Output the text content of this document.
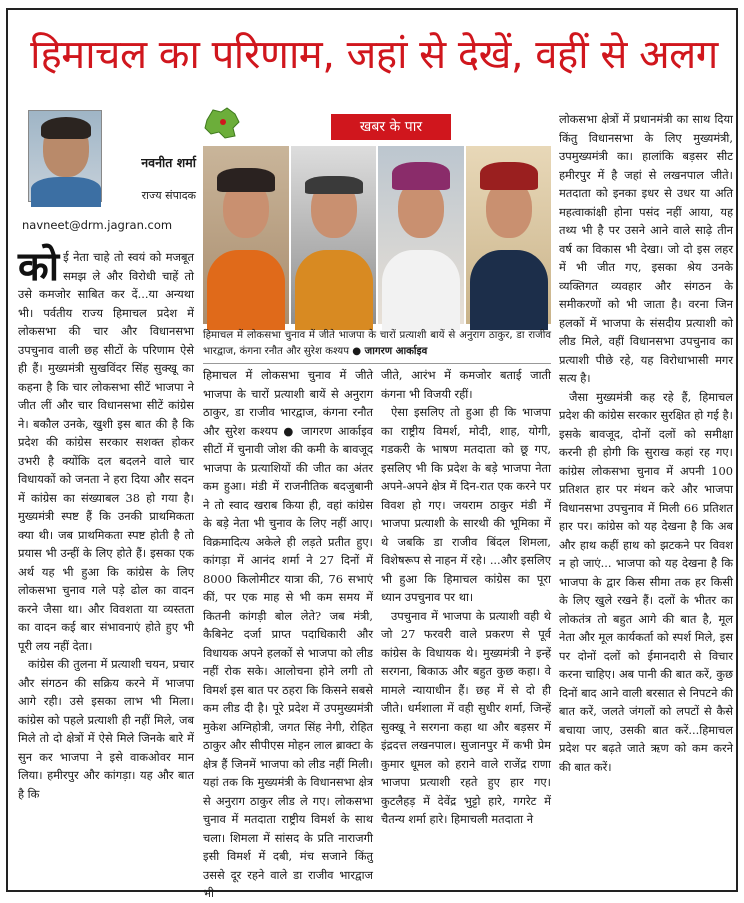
हिमाचल का परिणाम, जहां से देखें, वहीं से अलग
नवनीत शर्मा
राज्य संपादक
navneet@drm.jagran.com

कोई नेता चाहे तो स्वयं को मजबूत समझ ले और विरोधी चाहें तो उसे कमजोर साबित कर दें...या अन्यथा भी। पर्वतीय राज्य हिमाचल प्रदेश में लोकसभा की चार और विधानसभा उपचुनाव वाली छह सीटों के परिणाम ऐसे ही हैं। मुख्यमंत्री सुखविंदर सिंह सुक्खू का कहना है कि चार लोकसभा सीटें भाजपा ने जीत लीं और चार विधानसभा सीटें कांग्रेस ने। बकौल उनके, खुशी इस बात की है कि प्रदेश की कांग्रेस सरकार सशक्त होकर उभरी है क्योंकि दल बदलने वाले चार विधायकों को जनता ने हरा दिया और सदन में कांग्रेस का संख्याबल 38 हो गया है। मुख्यमंत्री स्पष्ट हैं कि उनकी प्राथमिकता क्या थी। जब प्राथमिकता स्पष्ट होती है तो प्रयास भी उन्हीं के लिए होते हैं। इसका एक अर्थ यह भी हुआ कि कांग्रेस के लिए लोकसभा चुनाव गले पड़े ढोल का वादन करने जैसा था। और विवशता या व्यस्तता का वादन कई बार संभावनाएं होते हुए भी पूरी लय नहीं देता।

कांग्रेस की तुलना में प्रत्याशी चयन, प्रचार और संगठन की सक्रिय करने में भाजपा आगे रही। उसे इसका लाभ भी मिला। कांग्रेस को पहले प्रत्याशी ही नहीं मिले, जब मिले तो दो क्षेत्रों में ऐसे मिले जिनके बारे में सुन कर भाजपा ने इसे वाकओवर मान लिया। हमीरपुर और कांगड़ा। यह और बात है कि

खबर के पार
हिमाचल में लोकसभा चुनाव में जीते भाजपा के चारों प्रत्याशी बायें से अनुराग ठाकुर, डा राजीव भारद्वाज, कंगना रनौत और सुरेश कश्यप ● जागरण आर्काइव

हिमाचल में लोकसभा चुनाव में जीते भाजपा के चारों प्रत्याशी बायें से अनुराग ठाकुर, डा राजीव भारद्वाज, कंगना रनौत और सुरेश कश्यप ● जागरण आर्काइव सीटों में चुनावी जोश की कमी के बावजूद भाजपा के प्रत्याशियों की जीत का अंतर कम हुआ। मंडी में राजनीतिक बदजुबानी ने तो स्वाद खराब किया ही, वहां कांग्रेस के बड़े नेता भी चुनाव के लिए नहीं आए। विक्रमादित्य अकेले ही लड़ते प्रतीत हुए। कांगड़ा में आनंद शर्मा ने 27 दिनों में 8000 किलोमीटर यात्रा की, 76 सभाएं कीं, पर एक माह से भी कम समय में कितनी कांगड़ी बोल लेते? जब मंत्री, कैबिनेट दर्जा प्राप्त पदाधिकारी और विधायक अपने हलकों से भाजपा को लीड नहीं रोक सके। आलोचना होने लगी तो विमर्श इस बात पर ठहरा कि किसने सबसे कम लीड दी है। पूरे प्रदेश में उपमुख्यमंत्री मुकेश अग्निहोत्री, जगत सिंह नेगी, रोहित ठाकुर और सीपीएस मोहन लाल ब्राक्टा के क्षेत्र हैं जिनमें भाजपा को लीड नहीं मिली। यहां तक कि मुख्यमंत्री के विधानसभा क्षेत्र से अनुराग ठाकुर लीड ले गए। लोकसभा चुनाव में मतदाता राष्ट्रीय विमर्श के साथ चला। शिमला में सांसद के प्रति नाराजगी इसी विमर्श में दबी, मंच सजाने किंतु उससे दूर रहने वाले डा राजीव भारद्वाज भी

जीते, आरंभ में कमजोर बताई जाती कंगना भी विजयी रहीं।

ऐसा इसलिए तो हुआ ही कि भाजपा का राष्ट्रीय विमर्श, मोदी, शाह, योगी, गडकरी के भाषण मतदाता को छू गए, इसलिए भी कि प्रदेश के बड़े भाजपा नेता अपने-अपने क्षेत्र में दिन-रात एक करने पर विवश हो गए। जयराम ठाकुर मंडी में भाजपा प्रत्याशी के सारथी की भूमिका में थे जबकि डा राजीव बिंदल शिमला, विशेषरूप से नाहन में रहे। ...और इसलिए भी हुआ कि हिमाचल कांग्रेस का पूरा ध्यान उपचुनाव पर था।

उपचुनाव में भाजपा के प्रत्याशी वही थे जो 27 फरवरी वाले प्रकरण से पूर्व कांग्रेस के विधायक थे। मुख्यमंत्री ने इन्हें सरगना, बिकाऊ और बहुत कुछ कहा। वे मामले न्यायाधीन हैं। छह में से दो ही जीते। धर्मशाला में वही सुधीर शर्मा, जिन्हें सुक्खू ने सरगना कहा था और बड़सर में इंद्रदत्त लखनपाल। सुजानपुर में कभी प्रेम कुमार धूमल को हराने वाले राजेंद्र राणा भाजपा प्रत्याशी रहते हुए हार गए। कुटलैहड़ में देवेंद्र भुट्टो हारे, गगरेट में चैतन्य शर्मा हारे। हिमाचली मतदाता ने

लोकसभा क्षेत्रों में प्रधानमंत्री का साथ दिया किंतु विधानसभा के लिए मुख्यमंत्री, उपमुख्यमंत्री का। हालांकि बड़सर सीट हमीरपुर में है जहां से लखनपाल जीते। मतदाता को इनका इधर से उधर या अति महत्वाकांक्षी होना पसंद नहीं आया, यह तथ्य भी है पर उसने आने वाले साढ़े तीन वर्ष का विकास भी देखा। जो दो इस लहर में भी जीत गए, इसका श्रेय उनके व्यक्तिगत व्यवहार और संगठन के समीकरणों को भी जाता है। वरना जिन हलकों में भाजपा के संसदीय प्रत्याशी को लीड मिले, वहीं विधानसभा उपचुनाव का प्रत्याशी पीछे रहे, यह विरोधाभासी मगर सत्य है।

जैसा मुख्यमंत्री कह रहे हैं, हिमाचल प्रदेश की कांग्रेस सरकार सुरक्षित हो गई है। इसके बावजूद, दोनों दलों को समीक्षा करनी ही होगी कि सुराख कहां रह गए। कांग्रेस लोकसभा चुनाव में अपनी 100 प्रतिशत हार पर मंथन करे और भाजपा विधानसभा उपचुनाव में मिली 66 प्रतिशत हार पर। कांग्रेस को यह देखना है कि अब और हाथ कहीं हाथ को झटकने पर विवश न हो जाएं... भाजपा को यह देखना है कि भाजपा के द्वार किस सीमा तक हर किसी के लिए खुले रखने हैं। दलों के भीतर का लोकतंत्र तो बहुत आगे की बात है, मूल नेता और मूल कार्यकर्ता को स्पर्श मिले, इस पर दोनों दलों को ईमानदारी से विचार करना चाहिए। अब पानी की बात करें, कुछ दिनों बाद आने वाली बरसात से निपटने की बात करें, जलते जंगलों को लपटों से कैसे बचाया जाए, उसकी बात करें...हिमाचल प्रदेश पर बढ़ते जाते ऋण को कम करने की बात करें।
